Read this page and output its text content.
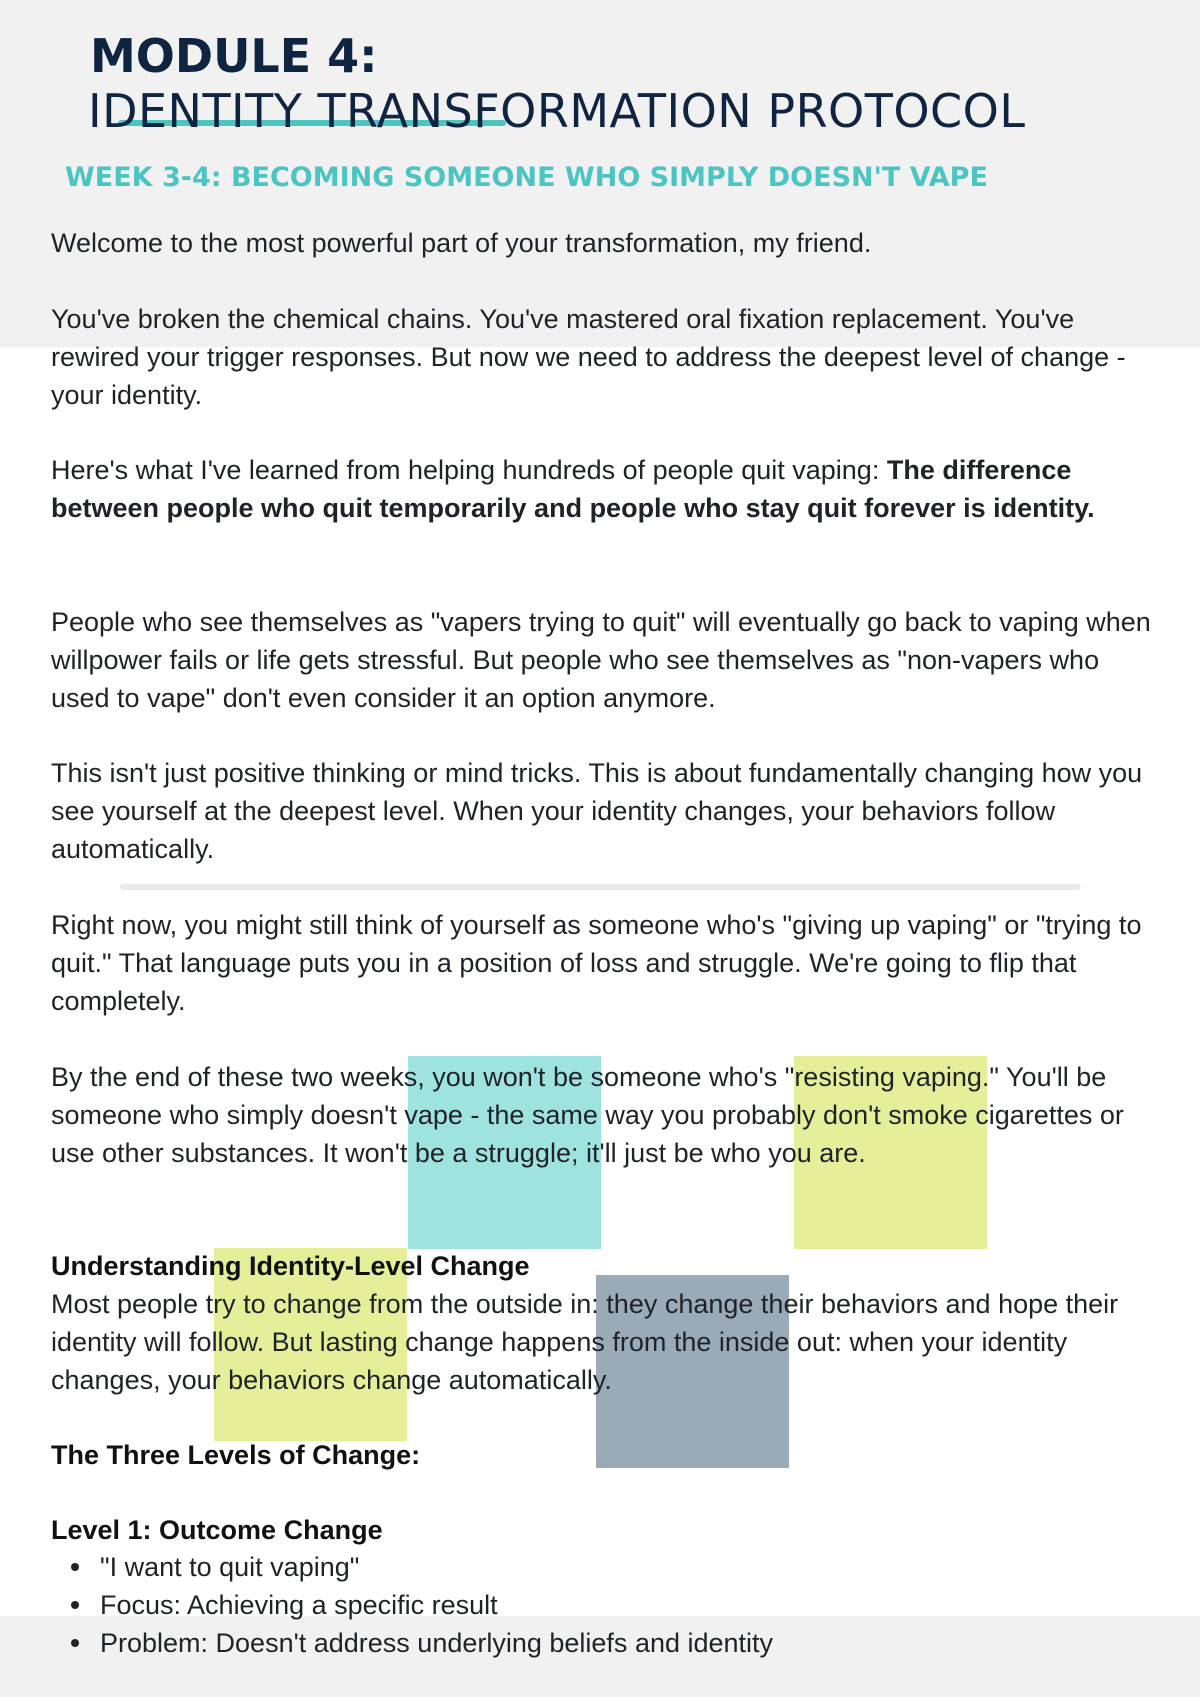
MODULE 4:
IDENTITY TRANSFORMATION PROTOCOL
WEEK 3-4: BECOMING SOMEONE WHO SIMPLY DOESN'T VAPE

Welcome to the most powerful part of your transformation, my friend.

You've broken the chemical chains. You've mastered oral fixation replacement. You've rewired your trigger responses. But now we need to address the deepest level of change - your identity.

Here's what I've learned from helping hundreds of people quit vaping: The difference between people who quit temporarily and people who stay quit forever is identity.

People who see themselves as "vapers trying to quit" will eventually go back to vaping when willpower fails or life gets stressful. But people who see themselves as "non-vapers who used to vape" don't even consider it an option anymore.

This isn't just positive thinking or mind tricks. This is about fundamentally changing how you see yourself at the deepest level. When your identity changes, your behaviors follow automatically.

Right now, you might still think of yourself as someone who's "giving up vaping" or "trying to quit." That language puts you in a position of loss and struggle. We're going to flip that completely.

By the end of these two weeks, you won't be someone who's "resisting vaping." You'll be someone who simply doesn't vape - the same way you probably don't smoke cigarettes or use other substances. It won't be a struggle; it'll just be who you are.

Understanding Identity-Level Change

Most people try to change from the outside in: they change their behaviors and hope their identity will follow. But lasting change happens from the inside out: when your identity changes, your behaviors change automatically.

The Three Levels of Change:
Level 1: Outcome Change
"I want to quit vaping"
Focus: Achieving a specific result
Problem: Doesn't address underlying beliefs and identity
